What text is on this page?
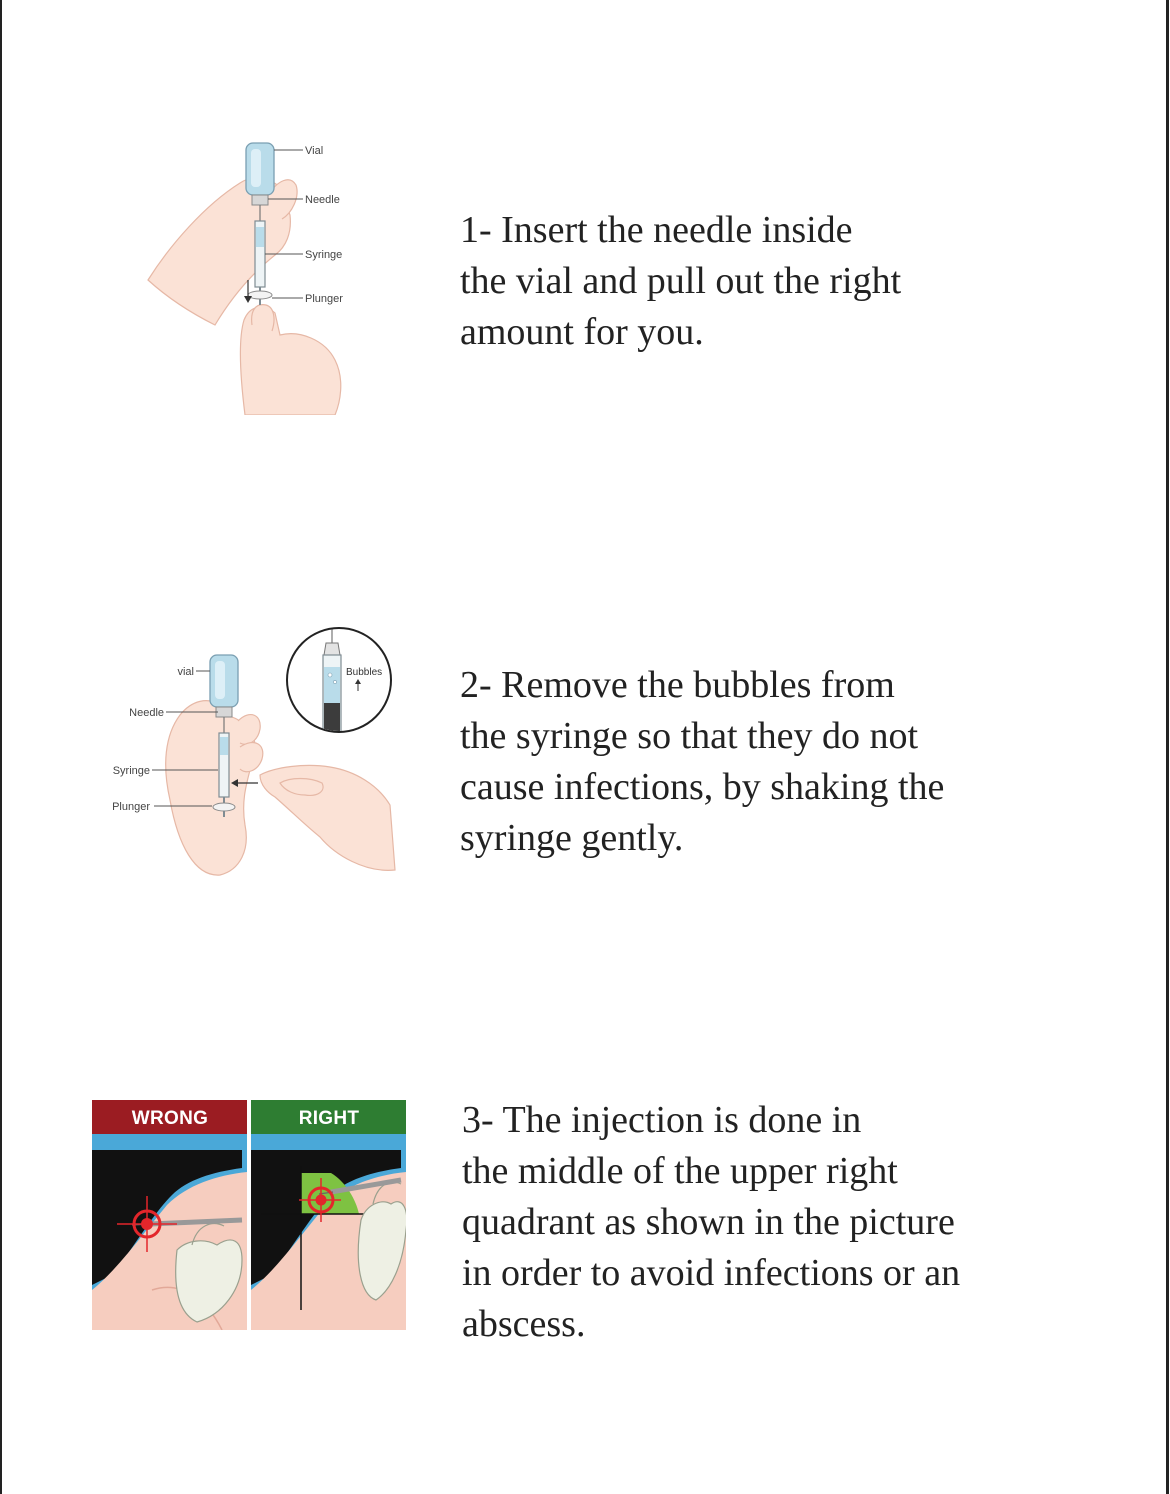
Vial
Needle
Syringe
Plunger

1- Insert the needle inside
the vial and pull out the right
amount for you.

vial
Needle
Syringe
Plunger
Bubbles 2- Remove the bubbles from
the syringe so that they do not
cause infections, by shaking the
syringe gently.

WRONG	RIGHT	3- The injection is done in
the middle of the upper right
quadrant as shown in the picture
in order to avoid infections or an
abscess.
